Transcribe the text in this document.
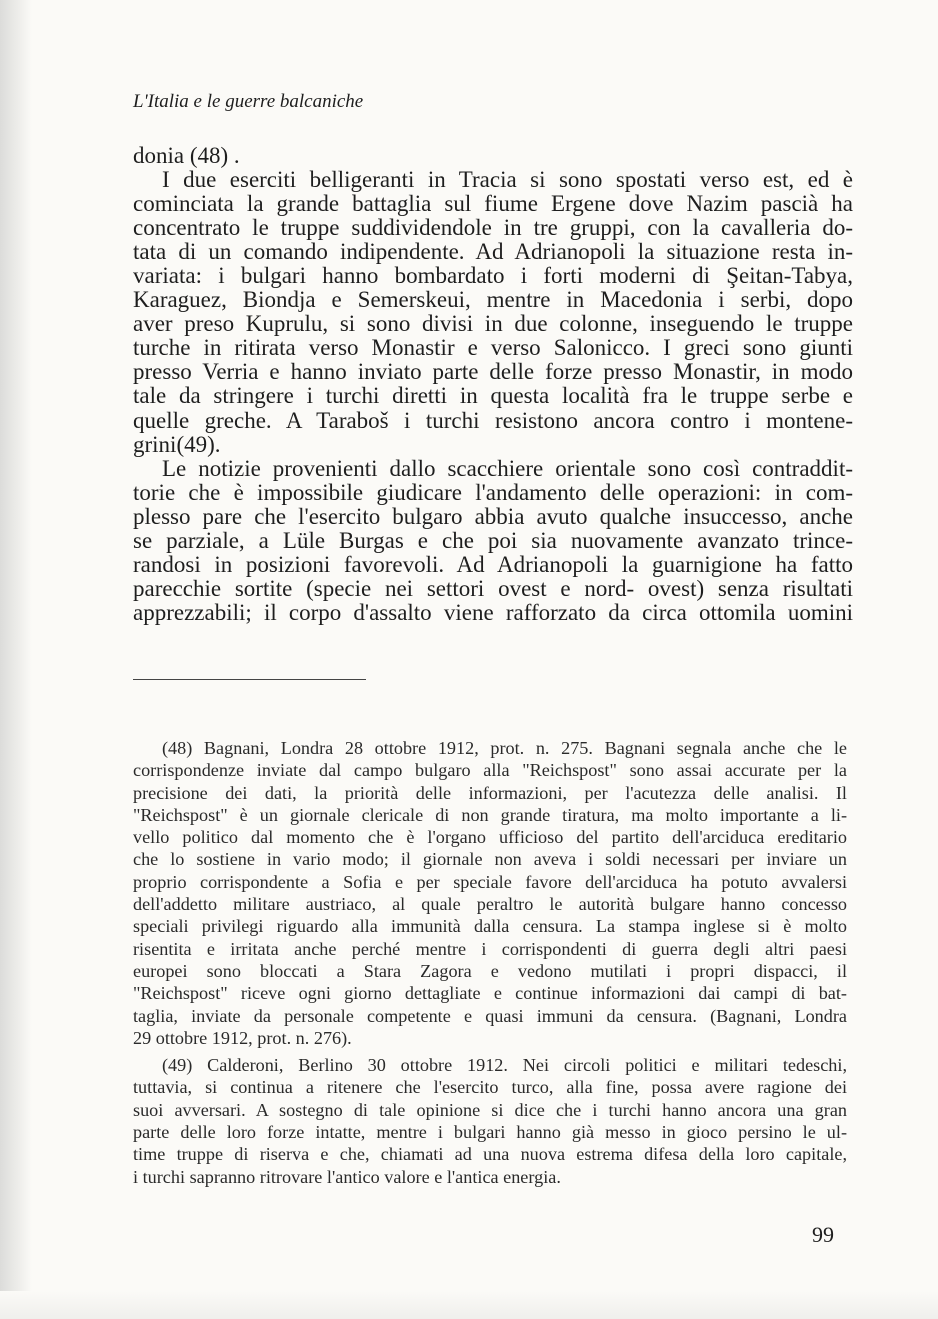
L'Italia e le guerre balcaniche
donia (48) .
I due eserciti belligeranti in Tracia si sono spostati verso est, ed è
cominciata la grande battaglia sul fiume Ergene dove Nazim pascià ha
concentrato le truppe suddividendole in tre gruppi, con la cavalleria do-
tata di un comando indipendente. Ad Adrianopoli la situazione resta in-
variata: i bulgari hanno bombardato i forti moderni di Şeitan-Tabya,
Karaguez, Biondja e Semerskeui, mentre in Macedonia i serbi, dopo
aver preso Kuprulu, si sono divisi in due colonne, inseguendo le truppe
turche in ritirata verso Monastir e verso Salonicco. I greci sono giunti
presso Verria e hanno inviato parte delle forze presso Monastir, in modo
tale da stringere i turchi diretti in questa località fra le truppe serbe e
quelle greche. A Taraboš i turchi resistono ancora contro i montene-
grini(49).
Le notizie provenienti dallo scacchiere orientale sono così contraddit-
torie che è impossibile giudicare l'andamento delle operazioni: in com-
plesso pare che l'esercito bulgaro abbia avuto qualche insuccesso, anche
se parziale, a Lüle Burgas e che poi sia nuovamente avanzato trince-
randosi in posizioni favorevoli. Ad Adrianopoli la guarnigione ha fatto
parecchie sortite (specie nei settori ovest e nord- ovest) senza risultati
apprezzabili; il corpo d'assalto viene rafforzato da circa ottomila uomini
(48) Bagnani, Londra 28 ottobre 1912, prot. n. 275. Bagnani segnala anche che le
corrispondenze inviate dal campo bulgaro alla "Reichspost" sono assai accurate per la
precisione dei dati, la priorità delle informazioni, per l'acutezza delle analisi. Il
"Reichspost" è un giornale clericale di non grande tiratura, ma molto importante a li-
vello politico dal momento che è l'organo ufficioso del partito dell'arciduca ereditario
che lo sostiene in vario modo; il giornale non aveva i soldi necessari per inviare un
proprio corrispondente a Sofia e per speciale favore dell'arciduca ha potuto avvalersi
dell'addetto militare austriaco, al quale peraltro le autorità bulgare hanno concesso
speciali privilegi riguardo alla immunità dalla censura. La stampa inglese si è molto
risentita e irritata anche perché mentre i corrispondenti di guerra degli altri paesi
europei sono bloccati a Stara Zagora e vedono mutilati i propri dispacci, il
"Reichspost" riceve ogni giorno dettagliate e continue informazioni dai campi di bat-
taglia, inviate da personale competente e quasi immuni da censura. (Bagnani, Londra
29 ottobre 1912, prot. n. 276).
(49) Calderoni, Berlino 30 ottobre 1912. Nei circoli politici e militari tedeschi,
tuttavia, si continua a ritenere che l'esercito turco, alla fine, possa avere ragione dei
suoi avversari. A sostegno di tale opinione si dice che i turchi hanno ancora una gran
parte delle loro forze intatte, mentre i bulgari hanno già messo in gioco persino le ul-
time truppe di riserva e che, chiamati ad una nuova estrema difesa della loro capitale,
i turchi sapranno ritrovare l'antico valore e l'antica energia.
99
